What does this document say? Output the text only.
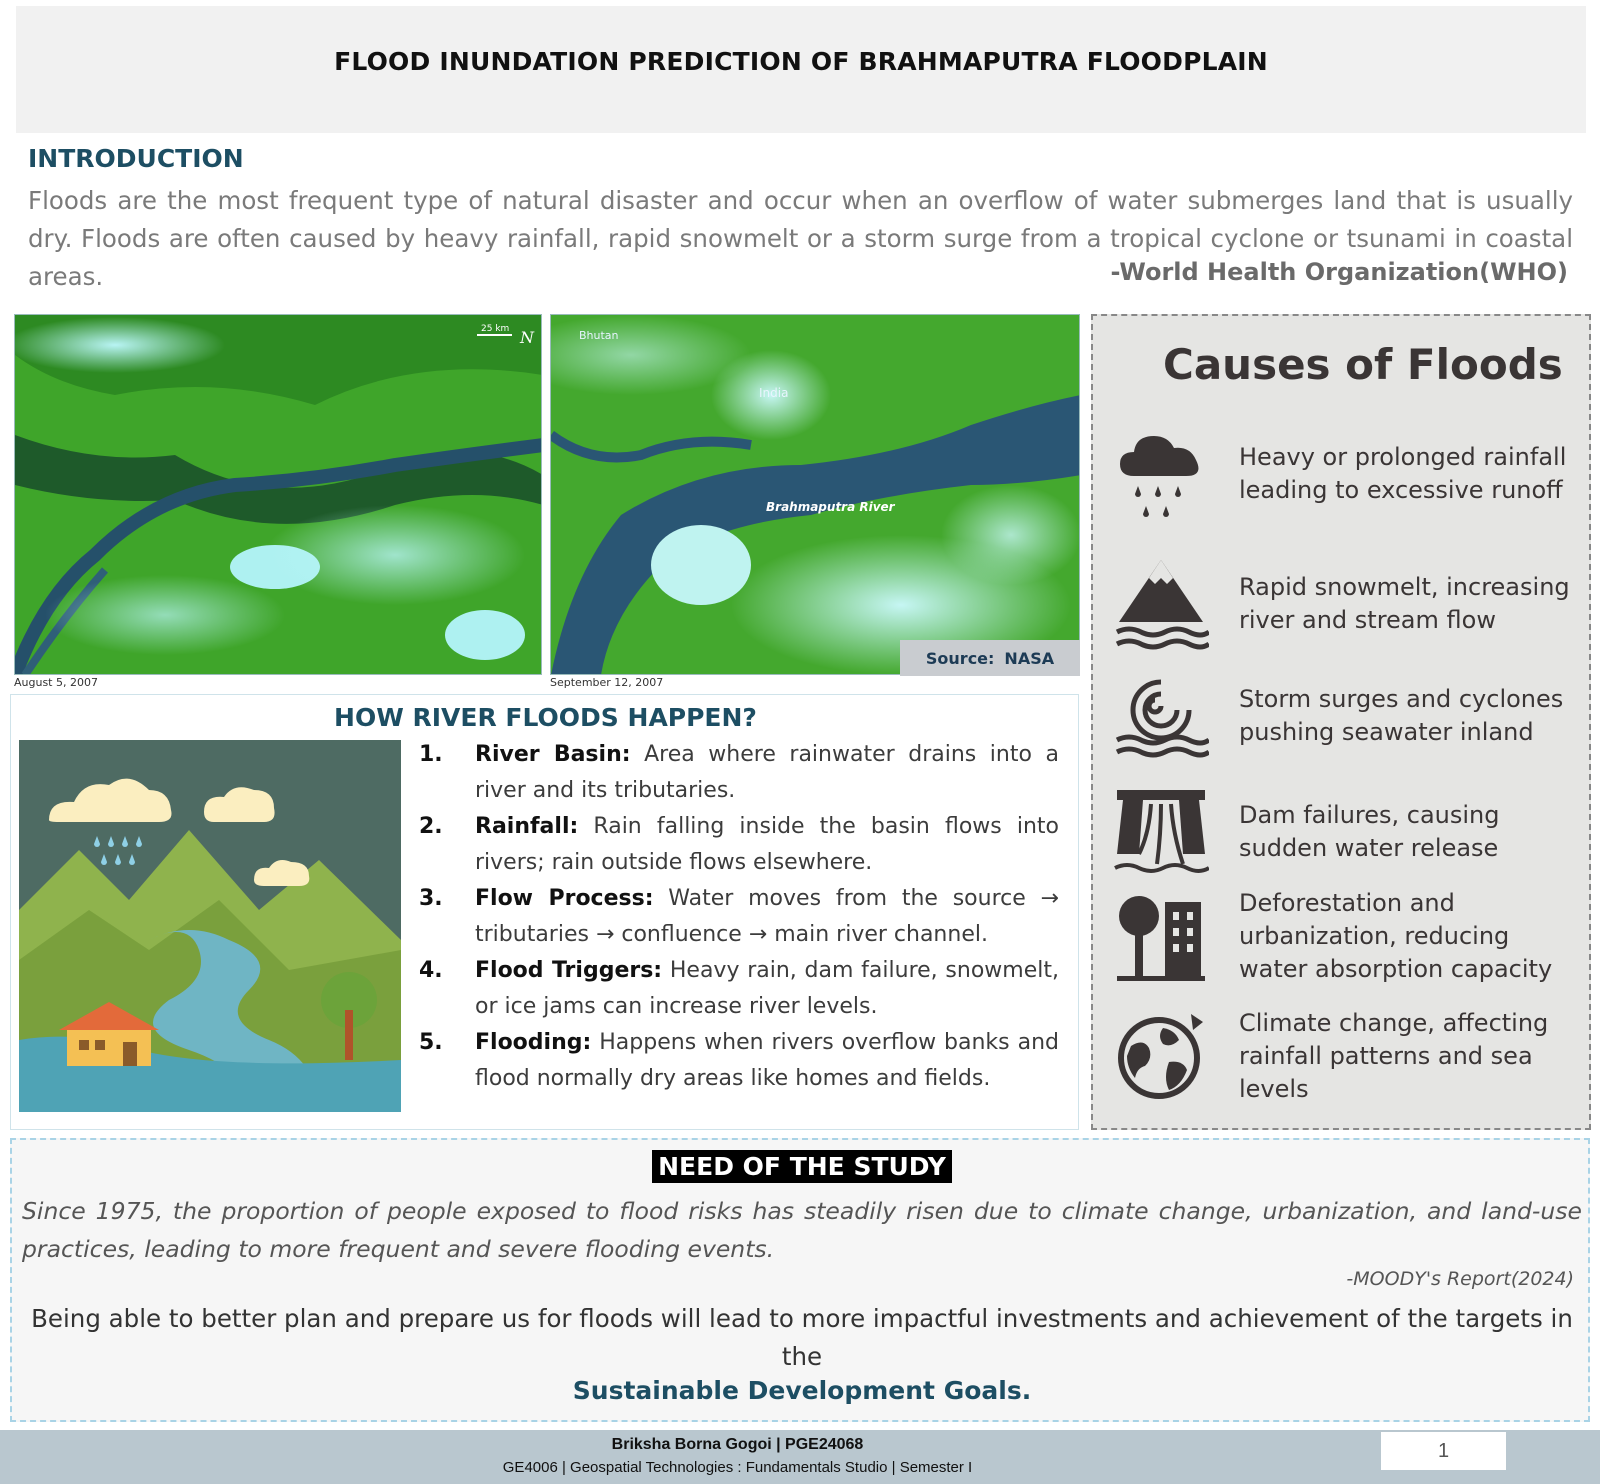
FLOOD INUNDATION PREDICTION OF BRAHMAPUTRA FLOODPLAIN
INTRODUCTION

Floods are the most frequent type of natural disaster and occur when an overflow of water submerges land that is usually dry. Floods are often caused by heavy rainfall, rapid snowmelt or a storm surge from a tropical cyclone or tsunami in coastal areas.	-World Health Organization(WHO)
25 km N
August 5, 2007
Bhutan
India
Brahmaputra River
September 12, 2007
Source: NASA
Causes of Floods
Heavy or prolonged rainfall leading to excessive runoff
Rapid snowmelt, increasing river and stream flow
Storm surges and cyclones pushing seawater inland
Dam failures, causing sudden water release
Deforestation and urbanization, reducing water absorption capacity
Climate change, affecting rainfall patterns and sea levels
HOW RIVER FLOODS HAPPEN?
1.	River Basin: Area where rainwater drains into a river and its tributaries.
2.	Rainfall: Rain falling inside the basin flows into rivers; rain outside flows elsewhere.
3.	Flow Process: Water moves from the source → tributaries → confluence → main river channel.
4.	Flood Triggers: Heavy rain, dam failure, snowmelt, or ice jams can increase river levels.
5.	Flooding: Happens when rivers overflow banks and flood normally dry areas like homes and fields.
NEED OF THE STUDY

Since 1975, the proportion of people exposed to flood risks has steadily risen due to climate change, urbanization, and land-use practices, leading to more frequent and severe flooding events.

-MOODY's Report(2024)

Being able to better plan and prepare us for floods will lead to more impactful investments and achievement of the targets in the

Sustainable Development Goals.
Briksha Borna Gogoi | PGE24068
GE4006 | Geospatial Technologies : Fundamentals Studio | Semester I
1
